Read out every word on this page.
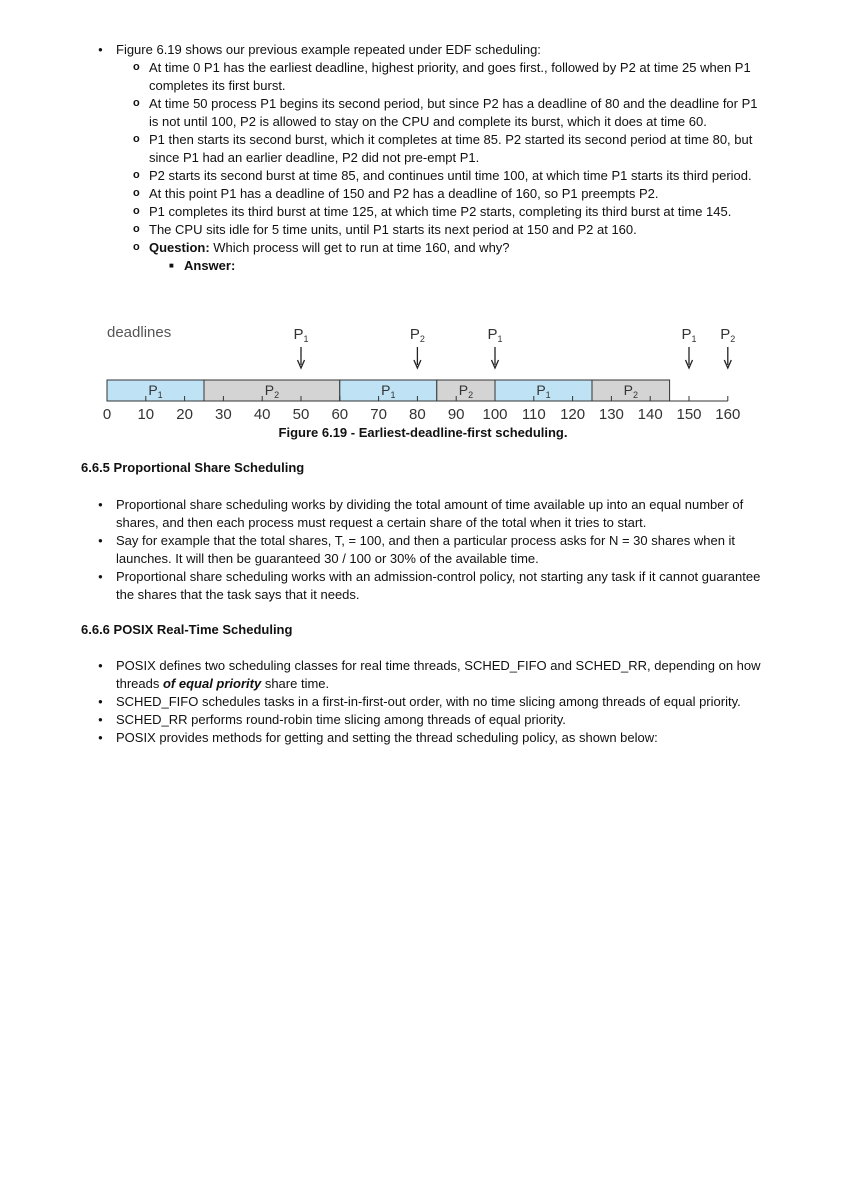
● Figure 6.19 shows our previous example repeated under EDF scheduling:
o At time 0 P1 has the earliest deadline, highest priority, and goes first., followed by P2 at time 25 when P1 completes its first burst.
o At time 50 process P1 begins its second period, but since P2 has a deadline of 80 and the deadline for P1 is not until 100, P2 is allowed to stay on the CPU and complete its burst, which it does at time 60.
o P1 then starts its second burst, which it completes at time 85. P2 started its second period at time 80, but since P1 had an earlier deadline, P2 did not pre-empt P1.
o P2 starts its second burst at time 85, and continues until time 100, at which time P1 starts its third period.
o At this point P1 has a deadline of 150 and P2 has a deadline of 160, so P1 preempts P2.
o P1 completes its third burst at time 125, at which time P2 starts, completing its third burst at time 145.
o The CPU sits idle for 5 time units, until P1 starts its next period at 150 and P2 at 160.
o Question: Which process will get to run at time 160, and why?
■ Answer:
deadlines	$P_1$	$P_2$	$P_1$	$P_1$ $P_2$
$P_1$	$P_2$	$P_1$	$P_2$	$P_1$	$P_2$
0 10 20 30 40 50 60 70 80 90 100 110 120 130 140 150 160
Figure 6.19 - Earliest-deadline-first scheduling.
6.6.5 Proportional Share Scheduling
● Proportional share scheduling works by dividing the total amount of time available up into an equal number of shares, and then each process must request a certain share of the total when it tries to start.
● Say for example that the total shares, T, = 100, and then a particular process asks for N = 30 shares when it launches. It will then be guaranteed 30 / 100 or 30% of the available time.
● Proportional share scheduling works with an admission-control policy, not starting any task if it cannot guarantee the shares that the task says that it needs.
6.6.6 POSIX Real-Time Scheduling
● POSIX defines two scheduling classes for real time threads, SCHED_FIFO and SCHED_RR, depending on how threads of equal priority share time.
● SCHED_FIFO schedules tasks in a first-in-first-out order, with no time slicing among threads of equal priority.
● SCHED_RR performs round-robin time slicing among threads of equal priority.
● POSIX provides methods for getting and setting the thread scheduling policy, as shown below:
